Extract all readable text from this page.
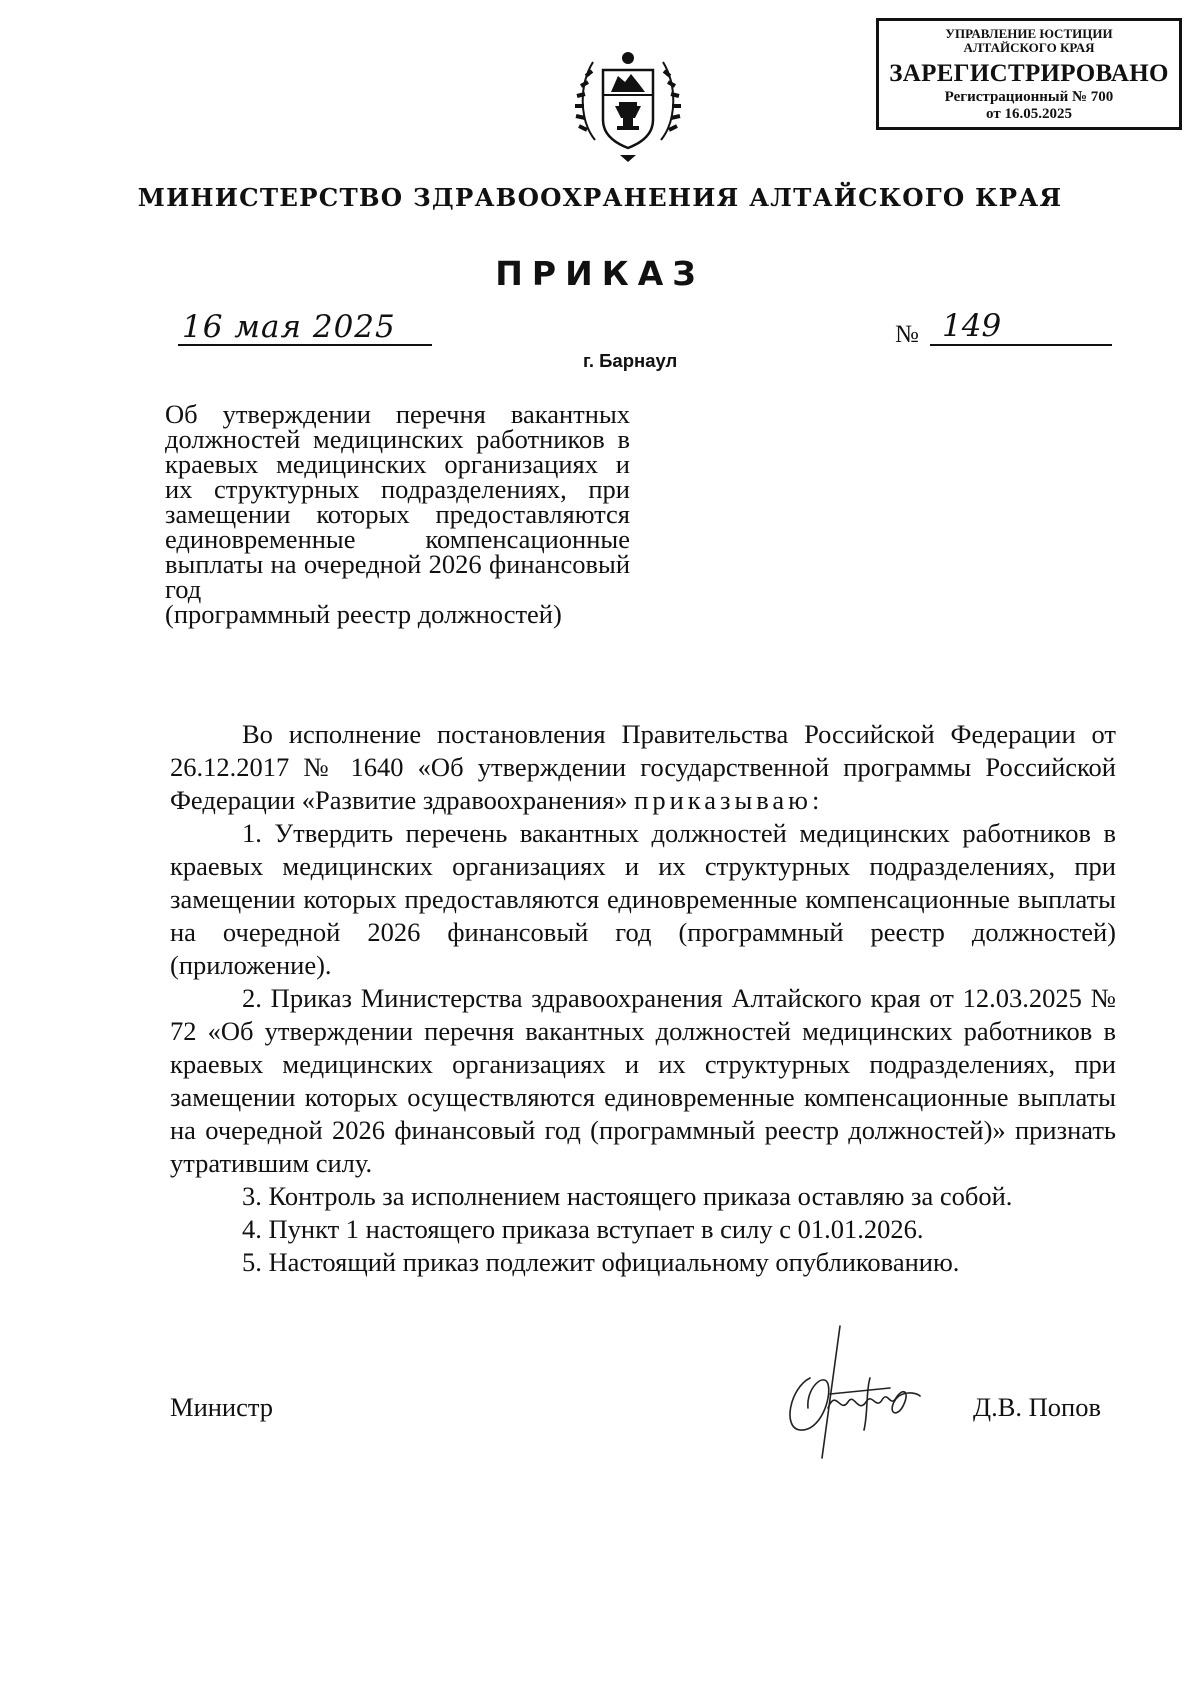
УПРАВЛЕНИЕ ЮСТИЦИИ
АЛТАЙСКОГО КРАЯ
ЗАРЕГИСТРИРОВАНО
Регистрационный № 700
от 16.05.2025
МИНИСТЕРСТВО ЗДРАВООХРАНЕНИЯ АЛТАЙСКОГО КРАЯ
ПРИКАЗ
16 мая 2025	№ 149
г. Барнаул
Об утверждении перечня вакантных должностей медицинских работников в краевых медицинских организациях и их структурных подразделениях, при замещении которых предоставляются единовременные компенсационные выплаты на очередной 2026 финансовый год
(программный реестр должностей)

Во исполнение постановления Правительства Российской Федерации от 26.12.2017 № 1640 «Об утверждении государственной программы Российской Федерации «Развитие здравоохранения» приказываю:

1. Утвердить перечень вакантных должностей медицинских работников в краевых медицинских организациях и их структурных подразделениях, при замещении которых предоставляются единовременные компенсационные выплаты на очередной 2026 финансовый год (программный реестр должностей) (приложение).

2. Приказ Министерства здравоохранения Алтайского края от 12.03.2025 № 72 «Об утверждении перечня вакантных должностей медицинских работников в краевых медицинских организациях и их структурных подразделениях, при замещении которых осуществляются единовременные компенсационные выплаты на очередной 2026 финансовый год (программный реестр должностей)» признать утратившим силу.

3. Контроль за исполнением настоящего приказа оставляю за собой.

4. Пункт 1 настоящего приказа вступает в силу с 01.01.2026.

5. Настоящий приказ подлежит официальному опубликованию.

Министр	Д.В. Попов
